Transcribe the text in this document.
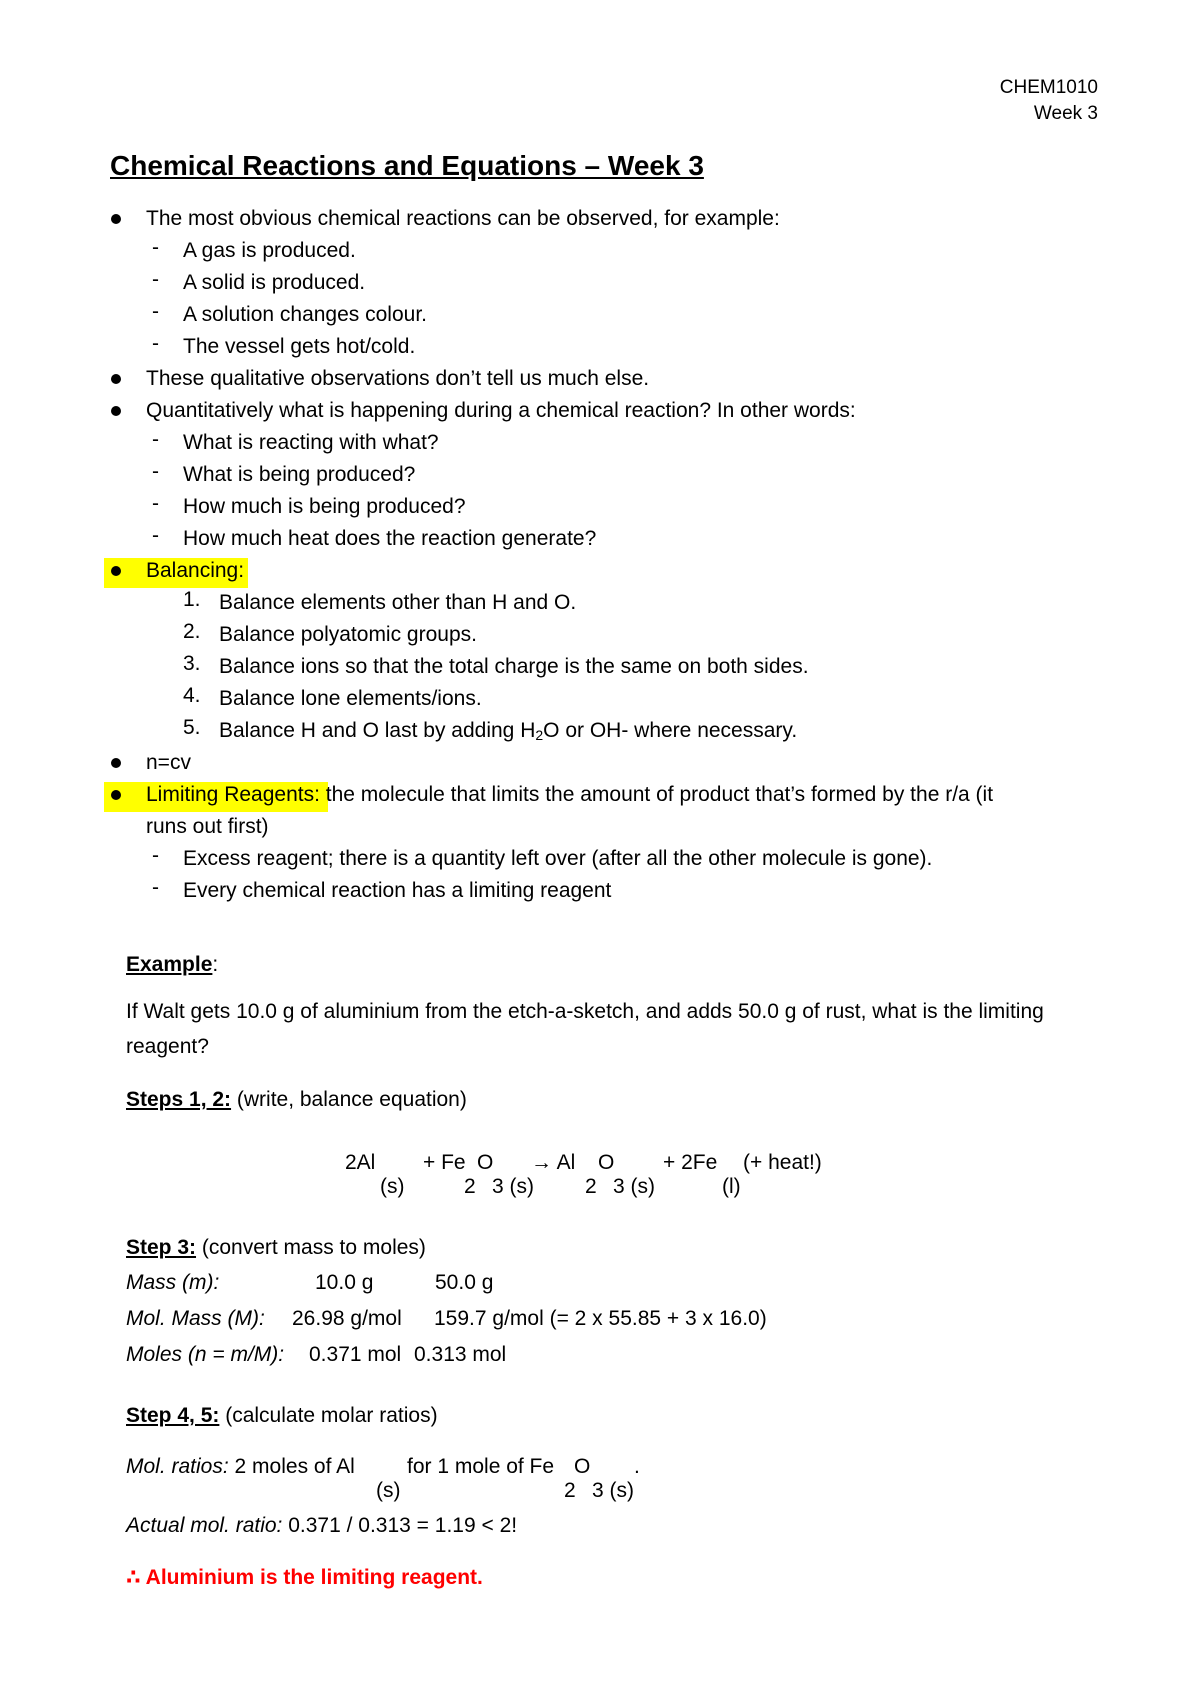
CHEM1010
Week 3
Chemical Reactions and Equations – Week 3
The most obvious chemical reactions can be observed, for example:
- A gas is produced.
- A solid is produced.
- A solution changes colour.
- The vessel gets hot/cold.
These qualitative observations don’t tell us much else.
Quantitatively what is happening during a chemical reaction? In other words:
- What is reacting with what?
- What is being produced?
- How much is being produced?
- How much heat does the reaction generate?
Balancing:
1. Balance elements other than H and O.
2. Balance polyatomic groups.
3. Balance ions so that the total charge is the same on both sides.
4. Balance lone elements/ions.
5. Balance H and O last by adding $H_2O$ or OH- where necessary.
n=cv
Limiting Reagents: the molecule that limits the amount of product that’s formed by the r/a (it
runs out first)
- Excess reagent; there is a quantity left over (after all the other molecule is gone).
- Every chemical reaction has a limiting reagent
Example:
If Walt gets 10.0 g of aluminium from the etch-a-sketch, and adds 50.0 g of rust, what is the limiting
reagent?
Steps 1, 2: (write, balance equation)
2Al + Fe O → Al O + 2Fe (+ heat!)
(s)	2 3 (s) 2 3 (s)	(l)
Step 3: (convert mass to moles)
Mass (m):	10.0 g	50.0 g
Mol. Mass (M): 26.98 g/mol 159.7 g/mol (= 2 x 55.85 + 3 x 16.0)
Moles (n = m/M): 0.371 mol 0.313 mol
Step 4, 5: (calculate molar ratios)
Mol. ratios: 2 moles of Al for 1 mole of Fe O .
(s)	2 3 (s)
Actual mol. ratio: 0.371 / 0.313 = 1.19 < 2!
∴ Aluminium is the limiting reagent.
